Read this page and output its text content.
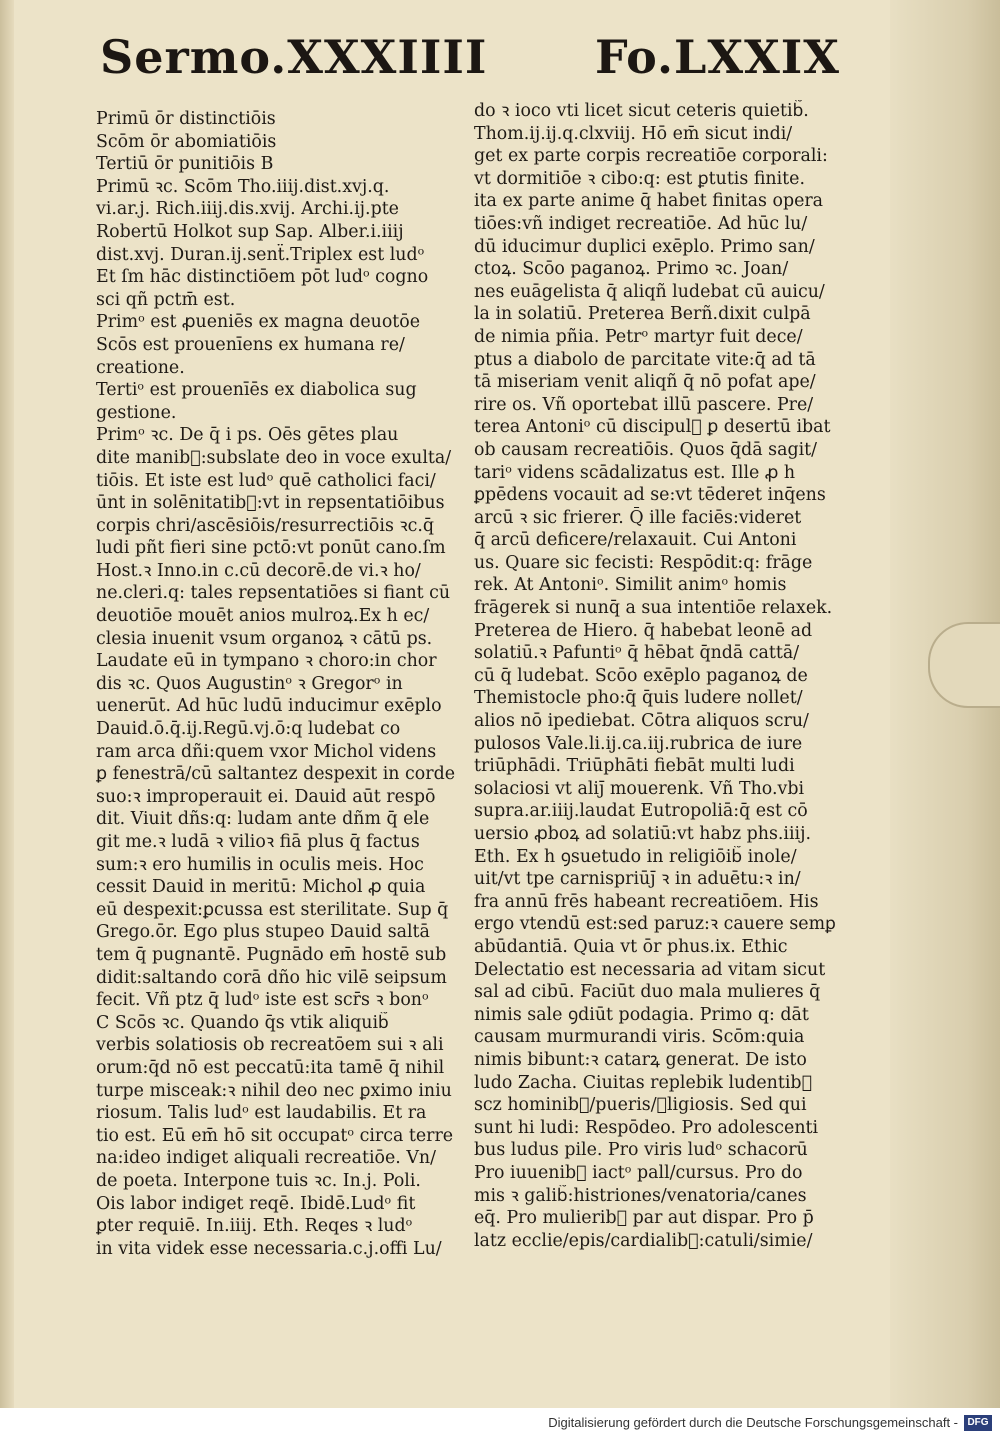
Sermo.XXXIIII Fo.LXXIX
Primū ōr distinctiōis
Scōm ōr abomiatiōis
Tertiū ōr punitiōis B
Primū ꝛc. Scōm Tho.iiij.dist.xvj.q.
vi.ar.j. Rich.iiij.dis.xvij. Archi.ij.pte
Robertū Holkot sup Sap. Alber.i.iiij
dist.xvj. Duran.ij.senẗ.Triplex est ludᵒ
Et ſm hāc distinctiōem pōt ludᵒ cogno
sci qñ pctm̄ est.
Primᵒ est ꝓueniēs ex magna deuotōe
Scōs est prouenīens ex humana re/
creatione.
Tertiᵒ est prouenīēs ex diabolica sug
gestione.
Primᵒ ꝛc. De q̄ i ps. Oēs gētes plau
dite manib᷑:subslate deo in voce exulta/
tiōis. Et iste est ludᵒ quē catholici faci/
ūnt in solēnitatib᷑:vt in repsentatiōibus
corpis chri/ascēsiōis/resurrectiōis ꝛc.q̄
ludi pñt fieri sine pctō:vt ponūt cano.ſm
Host.ꝛ Inno.in c.cū decorē.de vi.ꝛ ho/
ne.cleri.q: tales repsentatiōes si fiant cū
deuotiōe mouēt anios mulroꝝ.Ex h̄ ec/
clesia inuenit vsum organoꝝ ꝛ cātū ps.
Laudate eū in tympano ꝛ choro:in chor
dis ꝛc. Quos Augustinᵒ ꝛ Gregorᵒ in
uenerūt. Ad hūc ludū inducimur exēplo
Dauid.ō.q̄.ij.Regū.vj.ō:q ludebat co
ram arca dñi:quem vxor Michol videns
ꝑ fenestrā/cū saltantez despexit in corde
suo:ꝛ improperauit ei. Dauid aūt respō
dit. Viuit dñs:q: ludam ante dñm q̄ ele
git me.ꝛ ludā ꝛ vilioꝛ fiā plus q̄ factus
sum:ꝛ ero humilis in oculis meis. Hoc
cessit Dauid in meritū: Michol ꝓ quia
eū despexit:ꝑcussa est sterilitate. Sup q̄
Grego.ōr. Ego plus stupeo Dauid saltā
tem q̄ pugnantē. Pugnādo em̄ hostē sub
didit:saltando corā dño hic vilē seipsum
fecit. Vñ ptz q̄ ludᵒ iste est scr̄s ꝛ bonᵒ
C Scōs ꝛc. Quando q̄s vtik aliquib᷑
verbis solatiosis ob recreatōem sui ꝛ ali
orum:q̄d nō est peccatū:ita tamē q̄ nihil
turpe misceak:ꝛ nihil deo nec ꝑximo iniu
riosum. Talis ludᵒ est laudabilis. Et ra
tio est. Eū em̄ hō sit occupatᵒ circa terre
na:ideo indiget aliquali recreatiōe. Vn/
de poeta. Interpone tuis ꝛc. In.j. Poli.
Ois labor indiget reqē. Ibidē.Ludᵒ fit
ꝑter requiē. In.iiij. Eth. Reqes ꝛ ludᵒ
in vita videk esse necessaria.c.j.offi Lu/
do ꝛ ioco vti licet sicut ceteris quietib᷑.
Thom.ij.ij.q.clxviij. Hō em̄ sicut indi/
get ex parte corpis recreatiōe corporali:
vt dormitiōe ꝛ cibo:q: est ꝑtutis finite.
ita ex parte anime q̄ habet finitas opera
tiōes:vñ indiget recreatiōe. Ad hūc lu/
dū iducimur duplici exēplo. Primo san/
ctoꝝ. Scōo paganoꝝ. Primo ꝛc. Joan/
nes euāgelista q̄ aliqñ ludebat cū auicu/
la in solatiū. Preterea Berñ.dixit culpā
de nimia pñia. Petrᵒ martyr fuit dece/
ptus a diabolo de parcitate vite:q̄ ad tā
tā miseriam venit aliqñ q̄ nō pofat ape/
rire os. Vñ oportebat illū pascere. Pre/
terea Antoniᵒ cū discipul᷑ ꝑ desertū ibat
ob causam recreatiōis. Quos q̄dā sagit/
tariᵒ videns scādalizatus est. Ille ꝓ h̄
ꝑpēdens vocauit ad se:vt tēderet inq̄ens
arcū ꝛ sic frierer. Q̄ ille faciēs:videret
q̄ arcū deficere/relaxauit. Cui Antoni
us. Quare sic fecisti: Respōdit:q: frāge
rek. At Antoniᵒ. Similit animᵒ homis
frāgerek si nunq̄ a sua intentiōe relaxek.
Preterea de Hiero. q̄ habebat leonē ad
solatiū.ꝛ Pafuntiᵒ q̄ hēbat q̄ndā cattā/
cū q̄ ludebat. Scōo exēplo paganoꝝ de
Themistocle pho:q̄ q̄uis ludere nollet/
alios nō ipediebat. Cōtra aliquos scru/
pulosos Vale.li.ij.ca.iij.rubrica de iure
triūphādi. Triūphāti fiebāt multi ludi
solaciosi vt aliȷ̄ mouerenk. Vñ Tho.vbi
supra.ar.iiij.laudat Eutropoliā:q̄ est cō
uersio ꝓboꝝ ad solatiū:vt habz phs.iiij.
Eth. Ex h̄ ꝯsuetudo in religiōib᷑ inole/
uit/vt tpe carnispriūȷ̄ ꝛ in aduētu:ꝛ in/
fra annū frēs habeant recreatiōem. His
ergo vtendū est:sed paruz:ꝛ cauere semꝑ
abūdantiā. Quia vt ōr phus.ix. Ethic
Delectatio est necessaria ad vitam sicut
sal ad cibū. Faciūt duo mala mulieres q̄
nimis sale ꝯdiūt podagia. Primo q: dāt
causam murmurandi viris. Scōm:quia
nimis bibunt:ꝛ catarꝝ generat. De isto
ludo Zacha. Ciuitas replebik ludentib᷑
scz hominib᷑/pueris/ꝛligiosis. Sed qui
sunt hi ludi: Respōdeo. Pro adolescenti
bus ludus pile. Pro viris ludᵒ schacorū
Pro iuuenib᷑ iactᵒ pall/cursus. Pro do
mis ꝛ galib᷑:histriones/venatoria/canes
eq̄. Pro mulierib᷑ par aut dispar. Pro p̄
latz ecclie/epis/cardialib᷑:catuli/simie/
Digitalisierung gefördert durch die Deutsche Forschungsgemeinschaft - DFG
